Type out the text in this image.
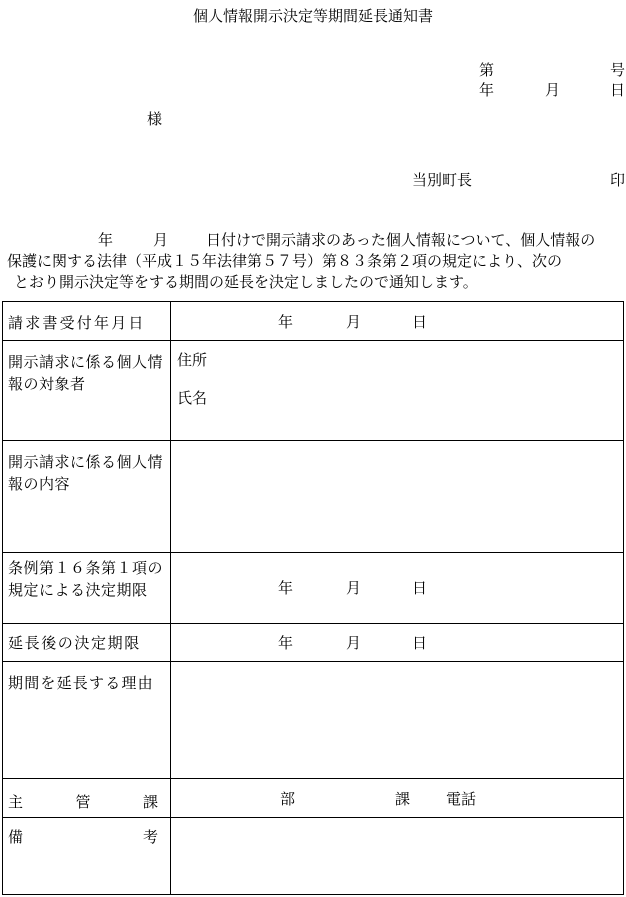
個人情報開示決定等期間延長通知書
第	号
年	月	日
様
当別町長	印
年	月	日付けで開示請求のあった個人情報について、個人情報の
保護に関する法律（平成１５年法律第５７号）第８３条第２項の規定により、次の
とおり開示決定等をする期間の延長を決定しましたので通知します。
請求書受付年月日	年 月 日

開示請求に係る個人情報の対象者	住所
氏名

開示請求に係る個人情報の内容	

条例第１６条第１項の規定による決定期限	年 月 日

延長後の決定期限	年 月 日

期間を延長する理由	

主 管 課	部 課 電話

備 考	
